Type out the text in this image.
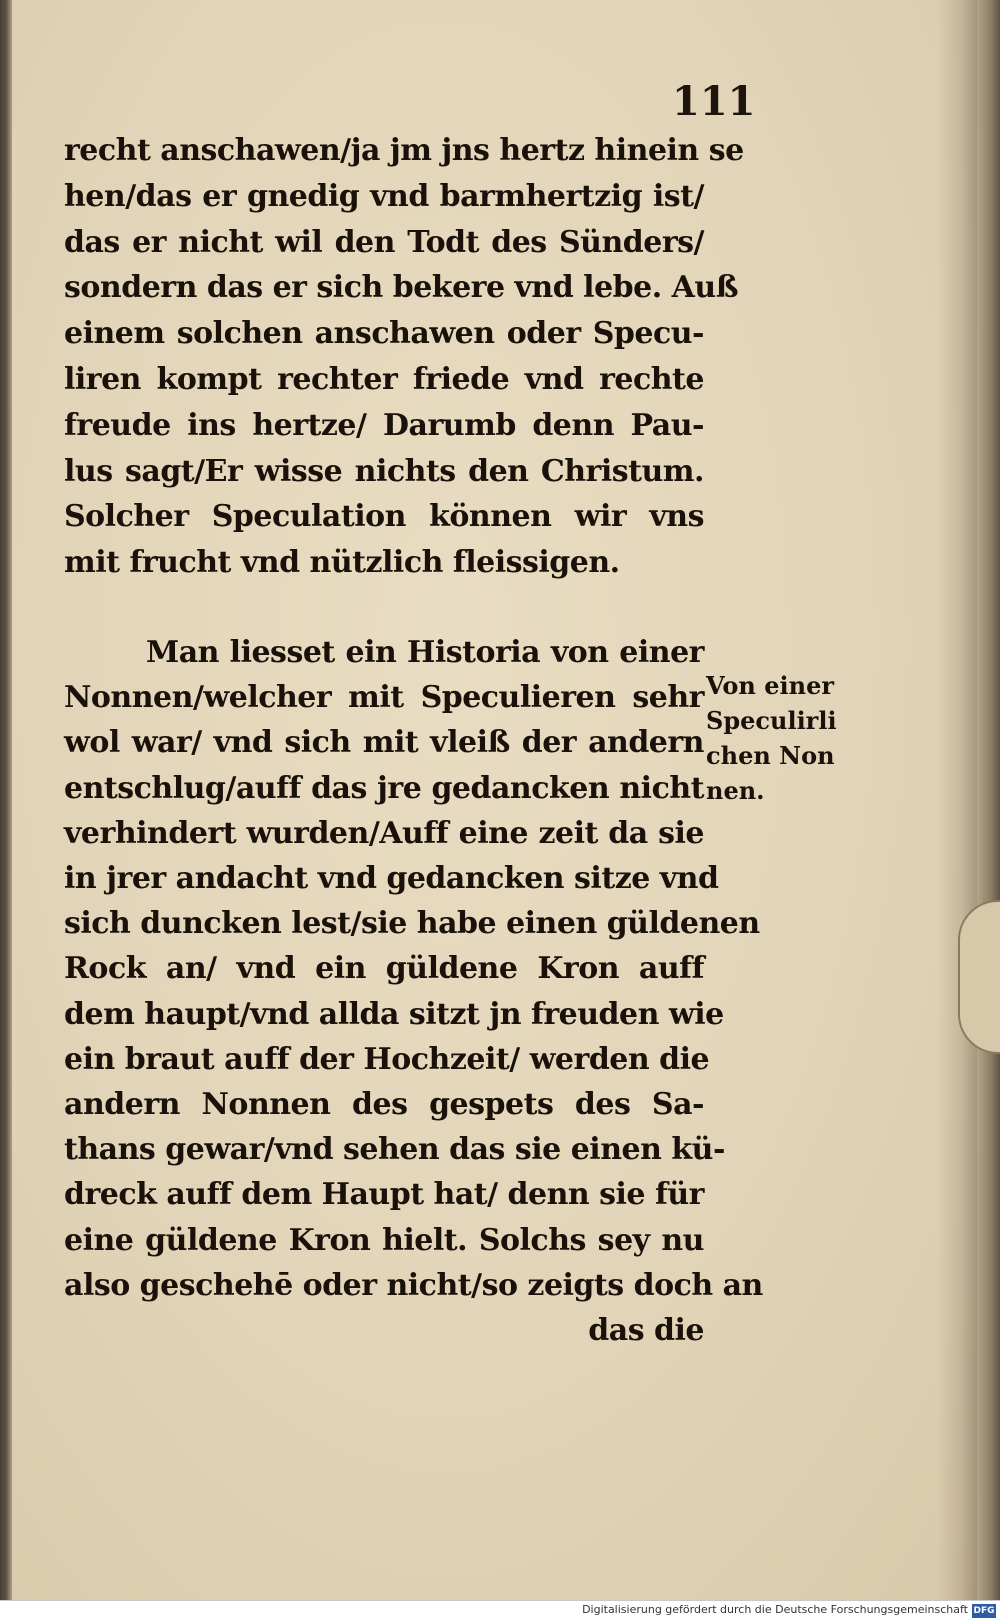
111
recht anschawen/ja jm jns hertz hinein se
hen/das er gnedig vnd barmhertzig ist/
das er nicht wil den Todt des Sünders/
sondern das er sich bekere vnd lebe. Auß
einem solchen anschawen oder Specu-
liren kompt rechter friede vnd rechte
freude ins hertze/ Darumb denn Pau-
lus sagt/Er wisse nichts den Christum.
Solcher Speculation können wir vns
mit frucht vnd nützlich fleissigen.
Man liesset ein Historia von einer
Nonnen/welcher mit Speculieren sehr
wol war/ vnd sich mit vleiß der andern
entschlug/auff das jre gedancken nicht
verhindert wurden/Auff eine zeit da sie
in jrer andacht vnd gedancken sitze vnd
sich duncken lest/sie habe einen güldenen
Rock an/ vnd ein güldene Kron auff
dem haupt/vnd allda sitzt jn freuden wie
ein braut auff der Hochzeit/ werden die
andern Nonnen des gespets des Sa-
thans gewar/vnd sehen das sie einen kü-
dreck auff dem Haupt hat/ denn sie für
eine güldene Kron hielt. Solchs sey nu
also geschehē oder nicht/so zeigts doch an
das die
Von einer
Speculirli
chen Non
nen.
Digitalisierung gefördert durch die Deutsche Forschungsgemeinschaft DFG
